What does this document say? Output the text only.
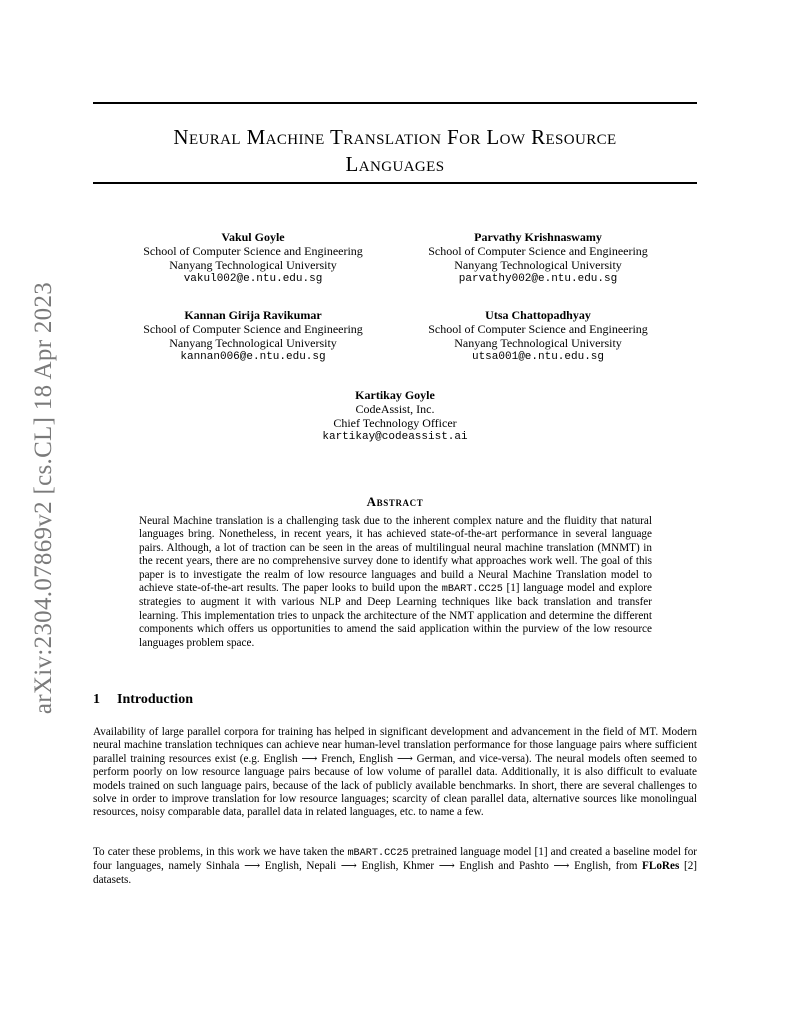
arXiv:2304.07869v2 [cs.CL] 18 Apr 2023
Neural Machine Translation For Low Resource
Languages
Vakul Goyle
School of Computer Science and Engineering
Nanyang Technological University
vakul002@e.ntu.edu.sg
Parvathy Krishnaswamy
School of Computer Science and Engineering
Nanyang Technological University
parvathy002@e.ntu.edu.sg
Kannan Girija Ravikumar
School of Computer Science and Engineering
Nanyang Technological University
kannan006@e.ntu.edu.sg
Utsa Chattopadhyay
School of Computer Science and Engineering
Nanyang Technological University
utsa001@e.ntu.edu.sg
Kartikay Goyle
CodeAssist, Inc.
Chief Technology Officer
kartikay@codeassist.ai
Abstract
Neural Machine translation is a challenging task due to the inherent complex nature and the fluidity that natural languages bring. Nonetheless, in recent years, it has achieved state-of-the-art performance in several language pairs. Although, a lot of traction can be seen in the areas of multilingual neural machine translation (MNMT) in the recent years, there are no comprehensive survey done to identify what approaches work well. The goal of this paper is to investigate the realm of low resource languages and build a Neural Machine Translation model to achieve state-of-the-art results. The paper looks to build upon the mBART.CC25 [1] language model and explore strategies to augment it with various NLP and Deep Learning techniques like back translation and transfer learning. This implementation tries to unpack the architecture of the NMT application and determine the different components which offers us opportunities to amend the said application within the purview of the low resource languages problem space.
1 Introduction
Availability of large parallel corpora for training has helped in significant development and advancement in the field of MT. Modern neural machine translation techniques can achieve near human-level translation performance for those language pairs where sufficient parallel training resources exist (e.g. English ⟶ French, English ⟶ German, and vice-versa). The neural models often seemed to perform poorly on low resource language pairs because of low volume of parallel data. Additionally, it is also difficult to evaluate models trained on such language pairs, because of the lack of publicly available benchmarks. In short, there are several challenges to solve in order to improve translation for low resource languages; scarcity of clean parallel data, alternative sources like monolingual resources, noisy comparable data, parallel data in related languages, etc. to name a few.
To cater these problems, in this work we have taken the mBART.CC25 pretrained language model [1] and created a baseline model for four languages, namely Sinhala ⟶ English, Nepali ⟶ English, Khmer ⟶ English and Pashto ⟶ English, from FLoRes [2] datasets.
